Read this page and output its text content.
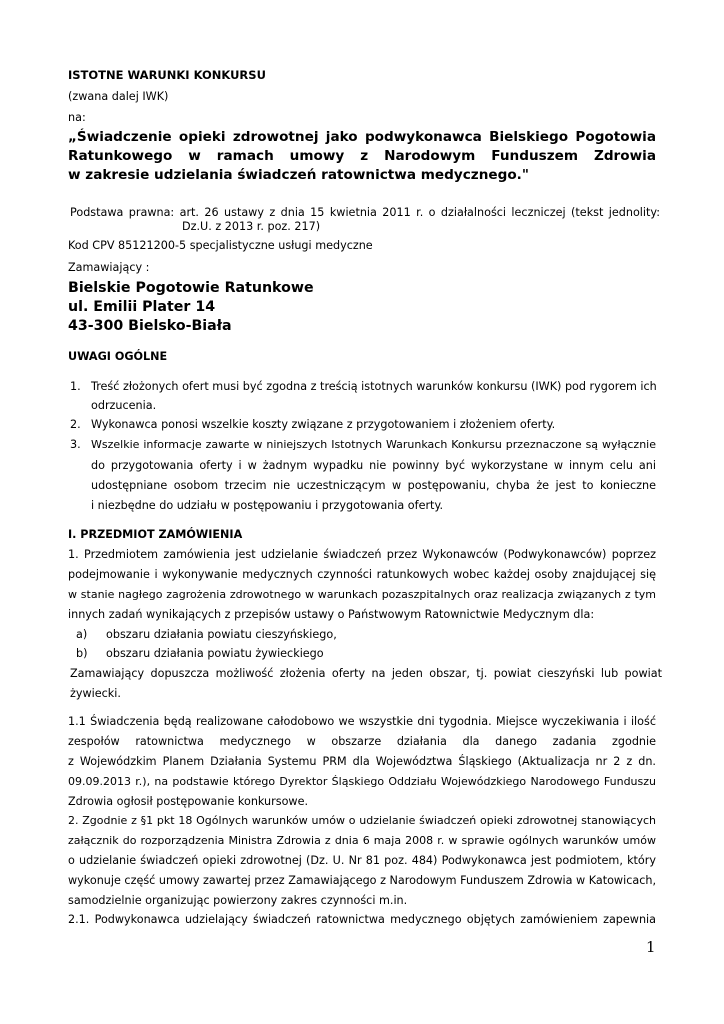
ISTOTNE WARUNKI KONKURSU
(zwana dalej IWK)
na:
„Świadczenie opieki zdrowotnej jako podwykonawca Bielskiego Pogotowia
Ratunkowego w ramach umowy z Narodowym Funduszem Zdrowia
w zakresie udzielania świadczeń ratownictwa medycznego."
Podstawa prawna: art. 26 ustawy z dnia 15 kwietnia 2011 r. o działalności leczniczej (tekst jednolity:
Dz.U. z 2013 r. poz. 217)
Kod CPV 85121200-5 specjalistyczne usługi medyczne
Zamawiający :
Bielskie Pogotowie Ratunkowe
ul. Emilii Plater 14
43-300 Bielsko-Biała
UWAGI OGÓLNE
1. Treść złożonych ofert musi być zgodna z treścią istotnych warunków konkursu (IWK) pod rygorem ich
odrzucenia.
2. Wykonawca ponosi wszelkie koszty związane z przygotowaniem i złożeniem oferty.
3. Wszelkie informacje zawarte w niniejszych Istotnych Warunkach Konkursu przeznaczone są wyłącznie
do przygotowania oferty i w żadnym wypadku nie powinny być wykorzystane w innym celu ani
udostępniane osobom trzecim nie uczestniczącym w postępowaniu, chyba że jest to konieczne
i niezbędne do udziału w postępowaniu i przygotowania oferty.
I. PRZEDMIOT ZAMÓWIENIA
1. Przedmiotem zamówienia jest udzielanie świadczeń przez Wykonawców (Podwykonawców) poprzez
podejmowanie i wykonywanie medycznych czynności ratunkowych wobec każdej osoby znajdującej się
w stanie nagłego zagrożenia zdrowotnego w warunkach pozaszpitalnych oraz realizacja związanych z tym
innych zadań wynikających z przepisów ustawy o Państwowym Ratownictwie Medycznym dla:
a) obszaru działania powiatu cieszyńskiego,
b) obszaru działania powiatu żywieckiego
Zamawiający dopuszcza możliwość złożenia oferty na jeden obszar, tj. powiat cieszyński lub powiat
żywiecki.
1.1 Świadczenia będą realizowane całodobowo we wszystkie dni tygodnia. Miejsce wyczekiwania i ilość
zespołów ratownictwa medycznego w obszarze działania dla danego zadania zgodnie
z Wojewódzkim Planem Działania Systemu PRM dla Województwa Śląskiego (Aktualizacja nr 2 z dn.
09.09.2013 r.), na podstawie którego Dyrektor Śląskiego Oddziału Wojewódzkiego Narodowego Funduszu
Zdrowia ogłosił postępowanie konkursowe.
2. Zgodnie z §1 pkt 18 Ogólnych warunków umów o udzielanie świadczeń opieki zdrowotnej stanowiących
załącznik do rozporządzenia Ministra Zdrowia z dnia 6 maja 2008 r. w sprawie ogólnych warunków umów
o udzielanie świadczeń opieki zdrowotnej (Dz. U. Nr 81 poz. 484) Podwykonawca jest podmiotem, który
wykonuje część umowy zawartej przez Zamawiającego z Narodowym Funduszem Zdrowia w Katowicach,
samodzielnie organizując powierzony zakres czynności m.in.
2.1. Podwykonawca udzielający świadczeń ratownictwa medycznego objętych zamówieniem zapewnia
1
